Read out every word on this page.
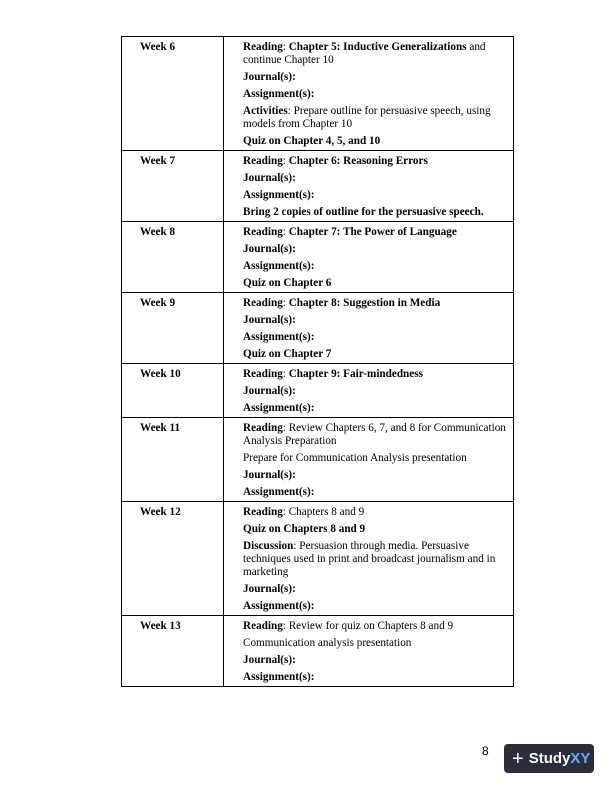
Week 6	Reading: Chapter 5: Inductive Generalizations and continue Chapter 10
Journal(s):
Assignment(s):
Activities: Prepare outline for persuasive speech, using models from Chapter 10
Quiz on Chapter 4, 5, and 10

Week 7	Reading: Chapter 6: Reasoning Errors
Journal(s):
Assignment(s):
Bring 2 copies of outline for the persuasive speech.

Week 8	Reading: Chapter 7: The Power of Language
Journal(s):
Assignment(s):
Quiz on Chapter 6

Week 9	Reading: Chapter 8: Suggestion in Media
Journal(s):
Assignment(s):
Quiz on Chapter 7

Week 10	Reading: Chapter 9: Fair-mindedness
Journal(s):
Assignment(s):

Week 11	Reading: Review Chapters 6, 7, and 8 for Communication Analysis Preparation
Prepare for Communication Analysis presentation
Journal(s):
Assignment(s):

Week 12	Reading: Chapters 8 and 9
Quiz on Chapters 8 and 9
Discussion: Persuasion through media. Persuasive techniques used in print and broadcast journalism and in marketing
Journal(s):
Assignment(s):

Week 13	Reading: Review for quiz on Chapters 8 and 9
Communication analysis presentation
Journal(s):
Assignment(s):
8 + Study XY
